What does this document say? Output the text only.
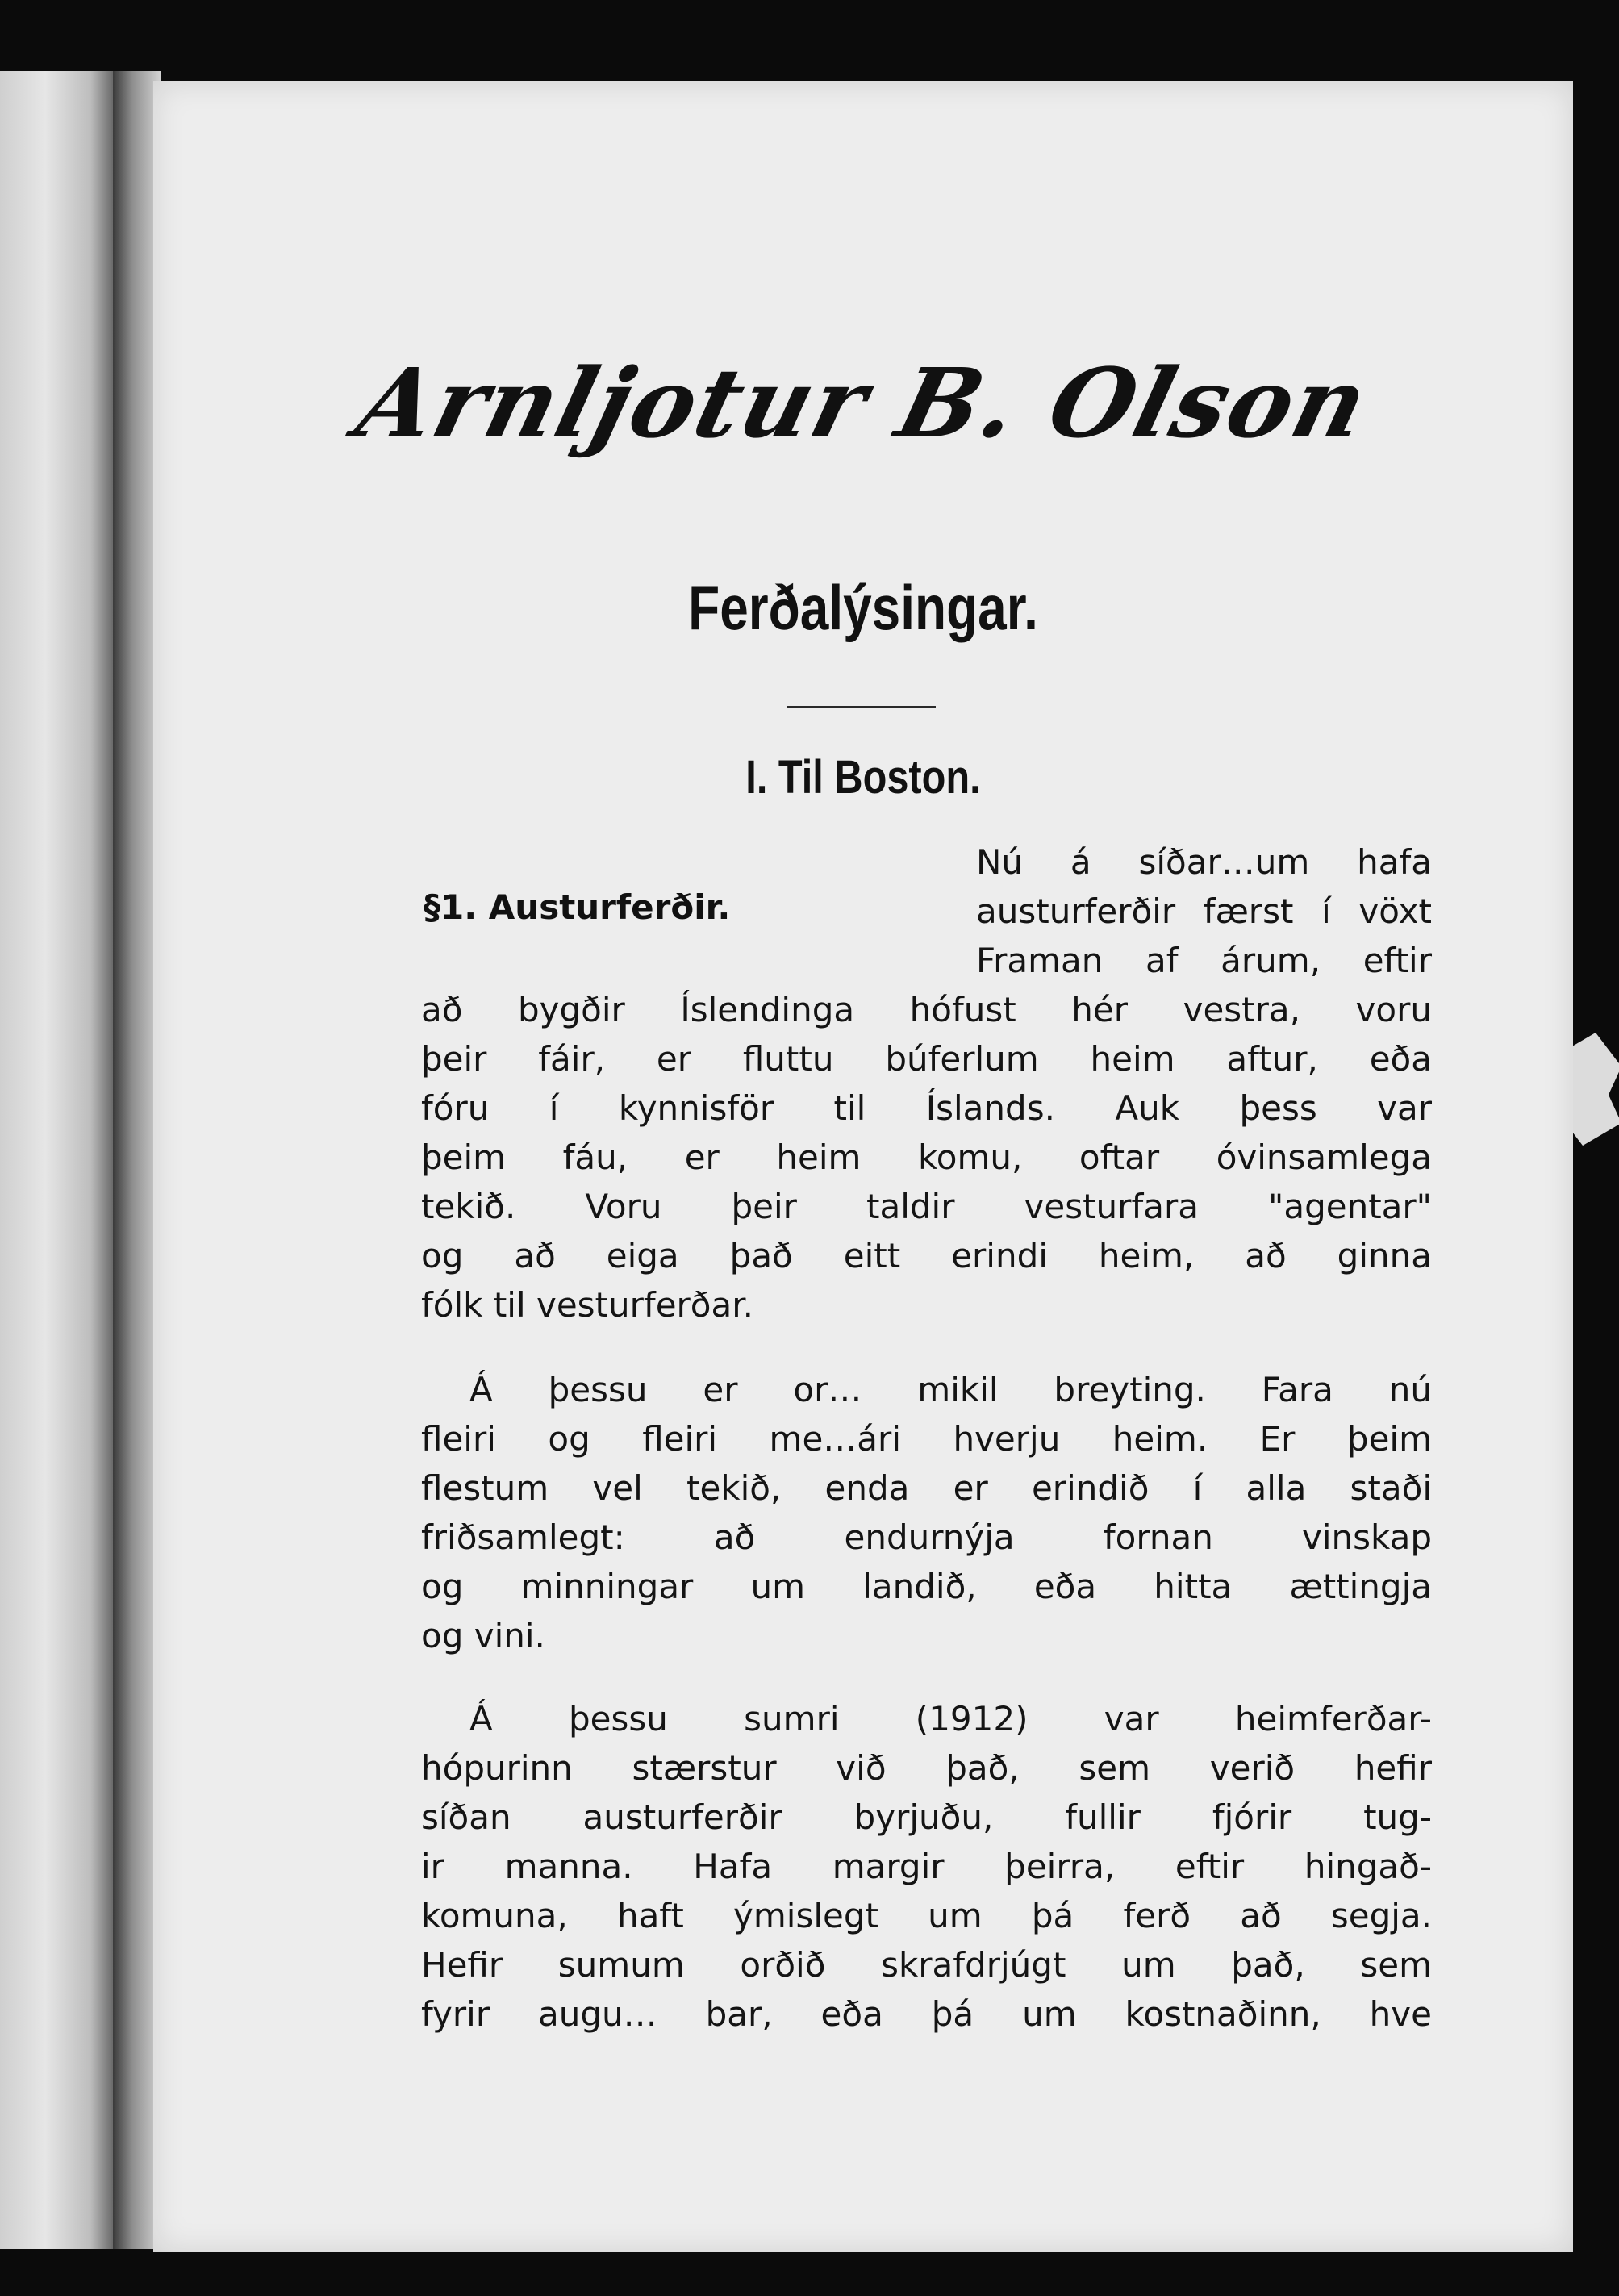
Arnljotur B. Olson
Ferðalýsingar.
I. Til Boston.
§1. Austurferðir.
Nú á síðar…um hafa
austurferðir færst í vöxt
Framan af árum, eftir
að bygðir Íslendinga hófust hér vestra, voru
þeir fáir, er fluttu búferlum heim aftur, eða
fóru í kynnisför til Íslands. Auk þess var
þeim fáu, er heim komu, oftar óvinsamlega
tekið. Voru þeir taldir vesturfara "agentar"
og að eiga það eitt erindi heim, að ginna
fólk til vesturferðar.
Á þessu er or… mikil breyting. Fara nú
fleiri og fleiri me…ári hverju heim. Er þeim
flestum vel tekið, enda er erindið í alla staði
friðsamlegt: að endurnýja fornan vinskap
og minningar um landið, eða hitta ættingja
og vini.
Á þessu sumri (1912) var heimferðar-
hópurinn stærstur við það, sem verið hefir
síðan austurferðir byrjuðu, fullir fjórir tug-
ir manna. Hafa margir þeirra, eftir hingað-
komuna, haft ýmislegt um þá ferð að segja.
Hefir sumum orðið skrafdrjúgt um það, sem
fyrir augu… bar, eða þá um kostnaðinn, hve
